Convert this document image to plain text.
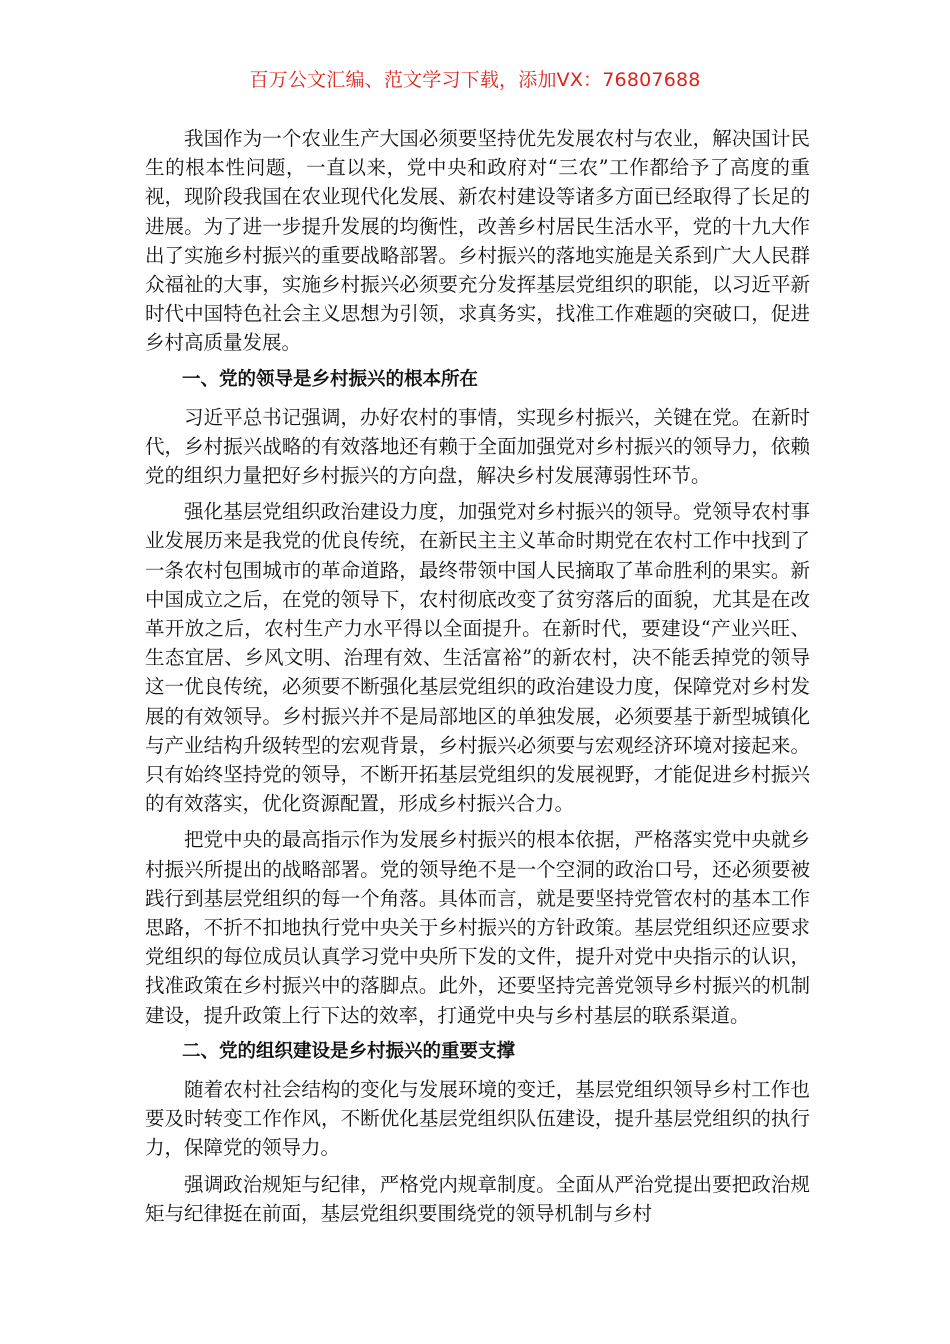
百万公文汇编、范文学习下载，添加VX：76807688

我国作为一个农业生产大国必须要坚持优先发展农村与农业，解决国计民生的根本性问题，一直以来，党中央和政府对“三农”工作都给予了高度的重视，现阶段我国在农业现代化发展、新农村建设等诸多方面已经取得了长足的进展。为了进一步提升发展的均衡性，改善乡村居民生活水平，党的十九大作出了实施乡村振兴的重要战略部署。乡村振兴的落地实施是关系到广大人民群众福祉的大事，实施乡村振兴必须要充分发挥基层党组织的职能，以习近平新时代中国特色社会主义思想为引领，求真务实，找准工作难题的突破口，促进乡村高质量发展。

一、党的领导是乡村振兴的根本所在

习近平总书记强调，办好农村的事情，实现乡村振兴，关键在党。在新时代，乡村振兴战略的有效落地还有赖于全面加强党对乡村振兴的领导力，依赖党的组织力量把好乡村振兴的方向盘，解决乡村发展薄弱性环节。

强化基层党组织政治建设力度，加强党对乡村振兴的领导。党领导农村事业发展历来是我党的优良传统，在新民主主义革命时期党在农村工作中找到了一条农村包围城市的革命道路，最终带领中国人民摘取了革命胜利的果实。新中国成立之后，在党的领导下，农村彻底改变了贫穷落后的面貌，尤其是在改革开放之后，农村生产力水平得以全面提升。在新时代，要建设“产业兴旺、生态宜居、乡风文明、治理有效、生活富裕”的新农村，决不能丢掉党的领导这一优良传统，必须要不断强化基层党组织的政治建设力度，保障党对乡村发展的有效领导。乡村振兴并不是局部地区的单独发展，必须要基于新型城镇化与产业结构升级转型的宏观背景，乡村振兴必须要与宏观经济环境对接起来。只有始终坚持党的领导，不断开拓基层党组织的发展视野，才能促进乡村振兴的有效落实，优化资源配置，形成乡村振兴合力。

把党中央的最高指示作为发展乡村振兴的根本依据，严格落实党中央就乡村振兴所提出的战略部署。党的领导绝不是一个空洞的政治口号，还必须要被践行到基层党组织的每一个角落。具体而言，就是要坚持党管农村的基本工作思路，不折不扣地执行党中央关于乡村振兴的方针政策。基层党组织还应要求党组织的每位成员认真学习党中央所下发的文件，提升对党中央指示的认识，找准政策在乡村振兴中的落脚点。此外，还要坚持完善党领导乡村振兴的机制建设，提升政策上行下达的效率，打通党中央与乡村基层的联系渠道。

二、党的组织建设是乡村振兴的重要支撑

随着农村社会结构的变化与发展环境的变迁，基层党组织领导乡村工作也要及时转变工作作风，不断优化基层党组织队伍建设，提升基层党组织的执行力，保障党的领导力。

强调政治规矩与纪律，严格党内规章制度。全面从严治党提出要把政治规矩与纪律挺在前面，基层党组织要围绕党的领导机制与乡村
